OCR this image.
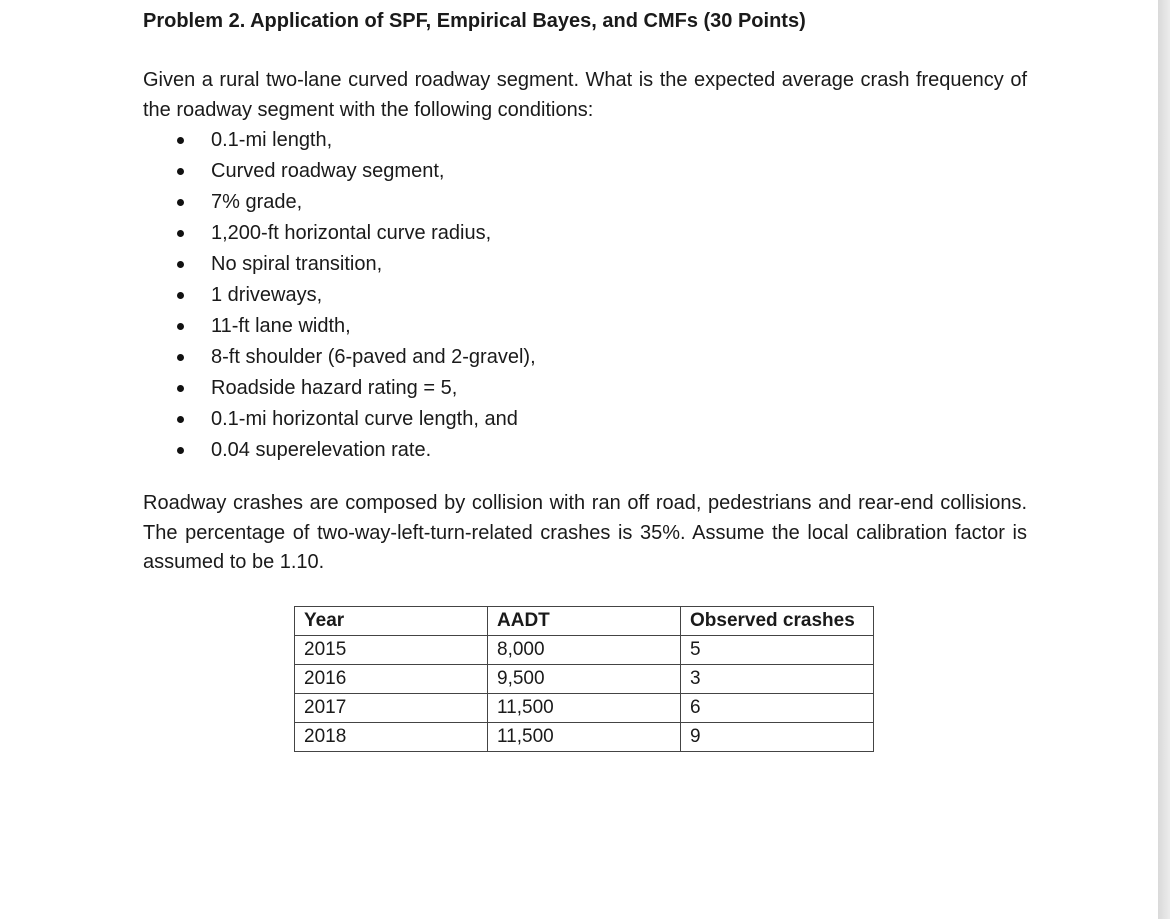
Problem 2. Application of SPF, Empirical Bayes, and CMFs (30 Points)
Given a rural two-lane curved roadway segment. What is the expected average crash frequency of the roadway segment with the following conditions:
0.1-mi length,
Curved roadway segment,
7% grade,
1,200-ft horizontal curve radius,
No spiral transition,
1 driveways,
11-ft lane width,
8-ft shoulder (6-paved and 2-gravel),
Roadside hazard rating = 5,
0.1-mi horizontal curve length, and
0.04 superelevation rate.
Roadway crashes are composed by collision with ran off road, pedestrians and rear-end collisions. The percentage of two-way-left-turn-related crashes is 35%. Assume the local calibration factor is assumed to be 1.10.
Year	AADT	Observed crashes
2015	8,000	5
2016	9,500	3
2017	11,500	6
2018	11,500	9
